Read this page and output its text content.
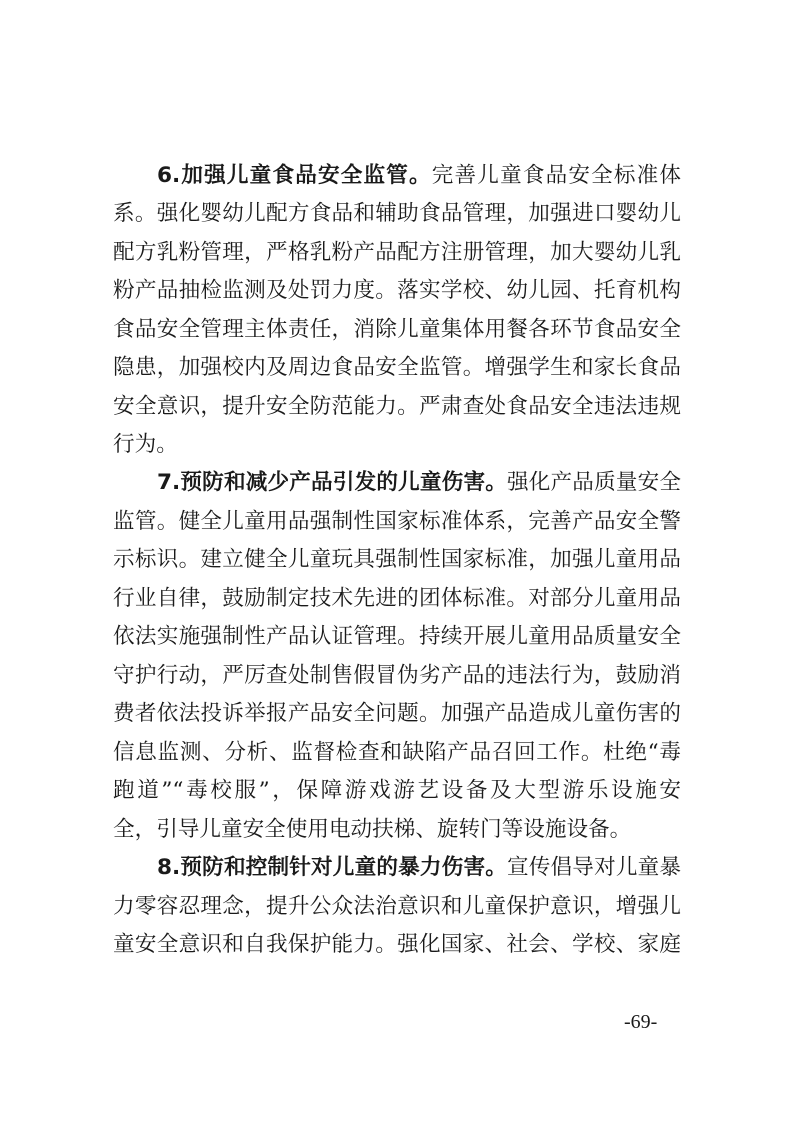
6.加强儿童食品安全监管。完善儿童食品安全标准体
系。强化婴幼儿配方食品和辅助食品管理，加强进口婴幼儿
配方乳粉管理，严格乳粉产品配方注册管理，加大婴幼儿乳
粉产品抽检监测及处罚力度。落实学校、幼儿园、托育机构
食品安全管理主体责任，消除儿童集体用餐各环节食品安全
隐患，加强校内及周边食品安全监管。增强学生和家长食品
安全意识，提升安全防范能力。严肃查处食品安全违法违规
行为。
7.预防和减少产品引发的儿童伤害。强化产品质量安全
监管。健全儿童用品强制性国家标准体系，完善产品安全警
示标识。建立健全儿童玩具强制性国家标准，加强儿童用品
行业自律，鼓励制定技术先进的团体标准。对部分儿童用品
依法实施强制性产品认证管理。持续开展儿童用品质量安全
守护行动，严厉查处制售假冒伪劣产品的违法行为，鼓励消
费者依法投诉举报产品安全问题。加强产品造成儿童伤害的
信息监测、分析、监督检查和缺陷产品召回工作。杜绝“毒
跑道”“毒校服”，保障游戏游艺设备及大型游乐设施安
全，引导儿童安全使用电动扶梯、旋转门等设施设备。
8.预防和控制针对儿童的暴力伤害。宣传倡导对儿童暴
力零容忍理念，提升公众法治意识和儿童保护意识，增强儿
童安全意识和自我保护能力。强化国家、社会、学校、家庭
-69-
